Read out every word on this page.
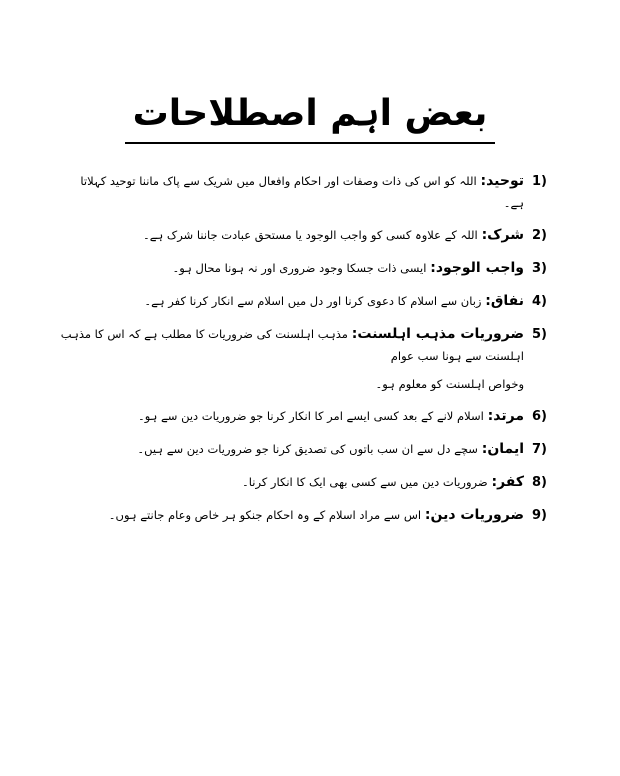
بعض اہم اصطلاحات
1)
توحید: اللہ کو اس کی ذات وصفات اور احکام وافعال میں شریک سے پاک ماننا توحید کہلاتا ہے۔
2)
شرک: اللہ کے علاوہ کسی کو واجب الوجود یا مستحق عبادت جاننا شرک ہے۔
3)
واجب الوجود: ایسی ذات جسکا وجود ضروری اور نہ ہونا محال ہو۔
4)
نفاق: زبان سے اسلام کا دعوی کرنا اور دل میں اسلام سے انکار کرنا کفر ہے۔
5)
ضروریات مذہب اہلسنت: مذہب اہلسنت کی ضروریات کا مطلب ہے کہ اس کا مذہب اہلسنت سے ہونا سب عوام
وخواص اہلسنت کو معلوم ہو۔
6)
مرتد: اسلام لانے کے بعد کسی ایسے امر کا انکار کرنا جو ضروریات دین سے ہو۔
7)
ایمان: سچے دل سے ان سب باتوں کی تصدیق کرنا جو ضروریات دین سے ہیں۔
8)
کفر: ضروریات دین میں سے کسی بھی ایک کا انکار کرنا۔
9)
ضروریات دین: اس سے مراد اسلام کے وہ احکام جنکو ہر خاص وعام جانتے ہوں۔
